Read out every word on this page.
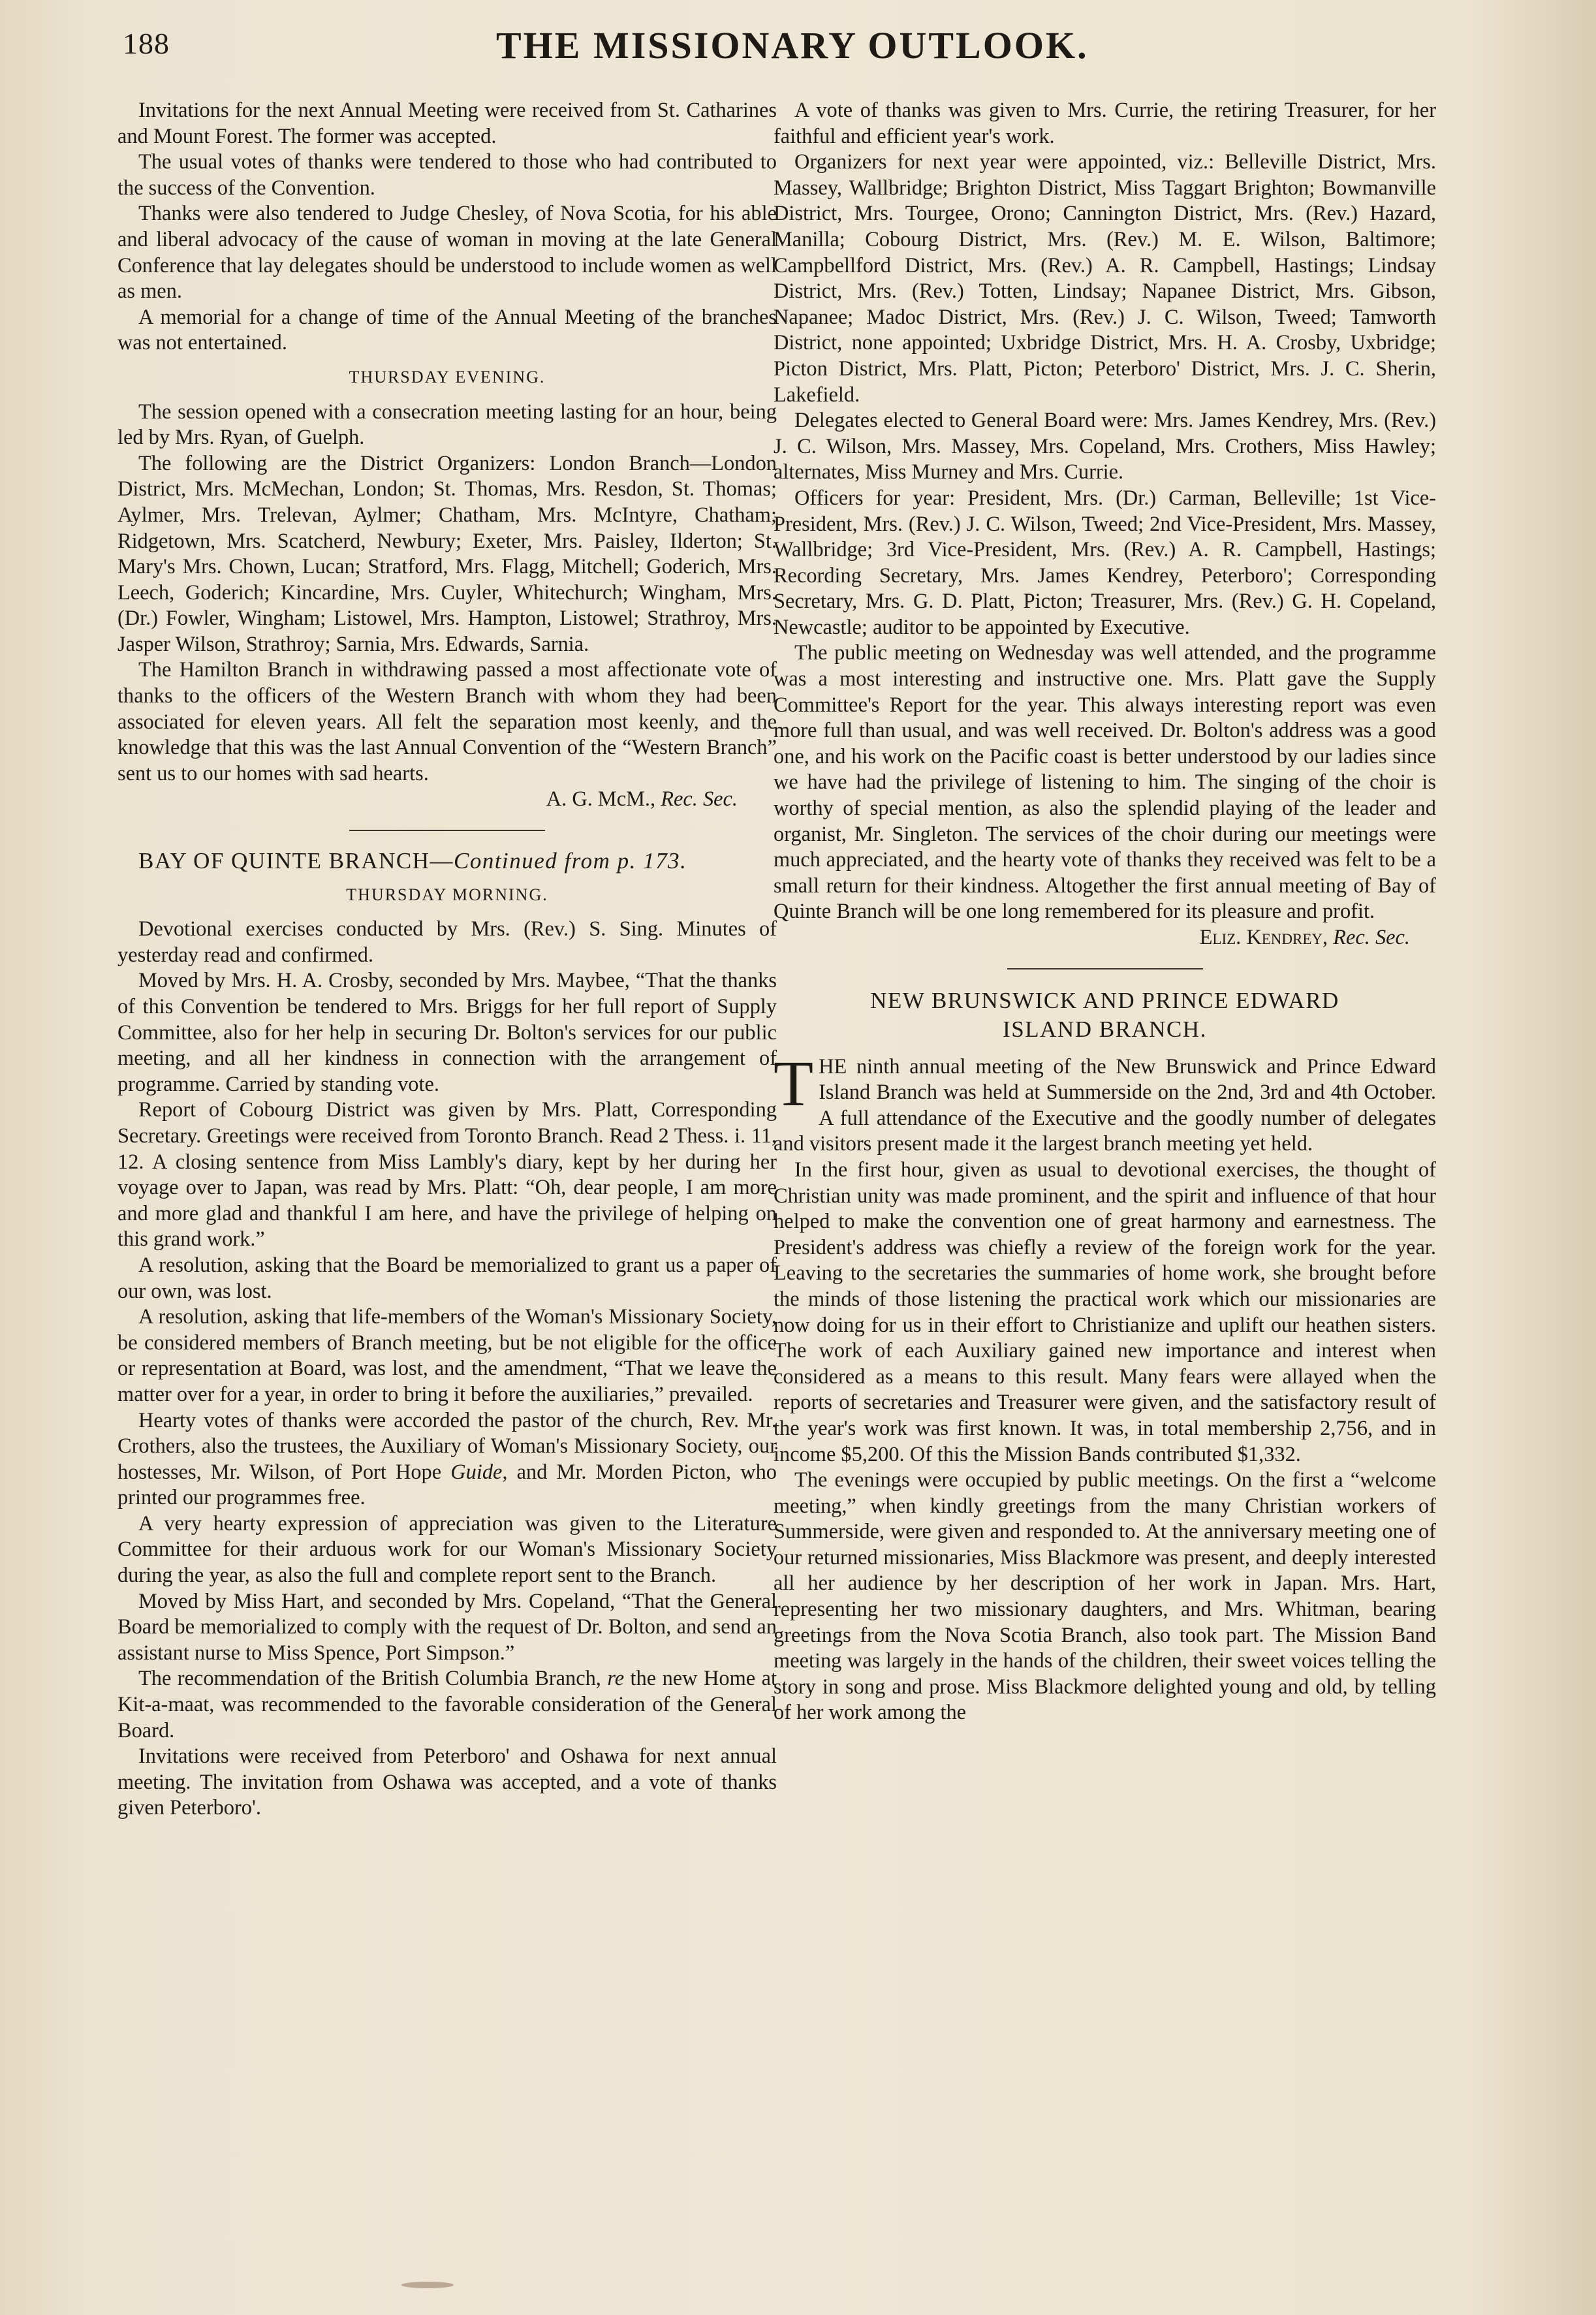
188	THE MISSIONARY OUTLOOK.

Invitations for the next Annual Meeting were received from St. Catharines and Mount Forest. The former was accepted.

The usual votes of thanks were tendered to those who had contributed to the success of the Convention.

Thanks were also tendered to Judge Chesley, of Nova Scotia, for his able and liberal advocacy of the cause of woman in moving at the late General Conference that lay delegates should be understood to include women as well as men.

A memorial for a change of time of the Annual Meeting of the branches was not entertained.

THURSDAY EVENING.

The session opened with a consecration meeting lasting for an hour, being led by Mrs. Ryan, of Guelph.

The following are the District Organizers: London Branch—London District, Mrs. McMechan, London; St. Thomas, Mrs. Resdon, St. Thomas; Aylmer, Mrs. Trelevan, Aylmer; Chatham, Mrs. McIntyre, Chatham; Ridgetown, Mrs. Scatcherd, Newbury; Exeter, Mrs. Paisley, Ilderton; St. Mary's Mrs. Chown, Lucan; Stratford, Mrs. Flagg, Mitchell; Goderich, Mrs. Leech, Goderich; Kincardine, Mrs. Cuyler, Whitechurch; Wingham, Mrs. (Dr.) Fowler, Wingham; Listowel, Mrs. Hampton, Listowel; Strathroy, Mrs. Jasper Wilson, Strathroy; Sarnia, Mrs. Edwards, Sarnia.

The Hamilton Branch in withdrawing passed a most affectionate vote of thanks to the officers of the Western Branch with whom they had been associated for eleven years. All felt the separation most keenly, and the knowledge that this was the last Annual Convention of the “Western Branch” sent us to our homes with sad hearts.

A. G. McM., Rec. Sec.

BAY OF QUINTE BRANCH—Continued from p. 173.

THURSDAY MORNING.

Devotional exercises conducted by Mrs. (Rev.) S. Sing. Minutes of yesterday read and confirmed.

Moved by Mrs. H. A. Crosby, seconded by Mrs. Maybee, “That the thanks of this Convention be tendered to Mrs. Briggs for her full report of Supply Committee, also for her help in securing Dr. Bolton's services for our public meeting, and all her kindness in connection with the arrangement of programme. Carried by standing vote.

Report of Cobourg District was given by Mrs. Platt, Corresponding Secretary. Greetings were received from Toronto Branch. Read 2 Thess. i. 11, 12. A closing sentence from Miss Lambly's diary, kept by her during her voyage over to Japan, was read by Mrs. Platt: “Oh, dear people, I am more and more glad and thankful I am here, and have the privilege of helping on this grand work.”

A resolution, asking that the Board be memorialized to grant us a paper of our own, was lost.

A resolution, asking that life-members of the Woman's Missionary Society, be considered members of Branch meeting, but be not eligible for the office or representation at Board, was lost, and the amendment, “That we leave the matter over for a year, in order to bring it before the auxiliaries,” prevailed.

Hearty votes of thanks were accorded the pastor of the church, Rev. Mr. Crothers, also the trustees, the Auxiliary of Woman's Missionary Society, our hostesses, Mr. Wilson, of Port Hope Guide, and Mr. Morden Picton, who printed our programmes free.

A very hearty expression of appreciation was given to the Literature Committee for their arduous work for our Woman's Missionary Society during the year, as also the full and complete report sent to the Branch.

Moved by Miss Hart, and seconded by Mrs. Copeland, “That the General Board be memorialized to comply with the request of Dr. Bolton, and send an assistant nurse to Miss Spence, Port Simpson.”

The recommendation of the British Columbia Branch, re the new Home at Kit-a-maat, was recommended to the favorable consideration of the General Board.

Invitations were received from Peterboro' and Oshawa for next annual meeting. The invitation from Oshawa was accepted, and a vote of thanks given Peterboro'.

A vote of thanks was given to Mrs. Currie, the retiring Treasurer, for her faithful and efficient year's work.

Organizers for next year were appointed, viz.: Belleville District, Mrs. Massey, Wallbridge; Brighton District, Miss Taggart Brighton; Bowmanville District, Mrs. Tourgee, Orono; Cannington District, Mrs. (Rev.) Hazard, Manilla; Cobourg District, Mrs. (Rev.) M. E. Wilson, Baltimore; Campbellford District, Mrs. (Rev.) A. R. Campbell, Hastings; Lindsay District, Mrs. (Rev.) Totten, Lindsay; Napanee District, Mrs. Gibson, Napanee; Madoc District, Mrs. (Rev.) J. C. Wilson, Tweed; Tamworth District, none appointed; Uxbridge District, Mrs. H. A. Crosby, Uxbridge; Picton District, Mrs. Platt, Picton; Peterboro' District, Mrs. J. C. Sherin, Lakefield.

Delegates elected to General Board were: Mrs. James Kendrey, Mrs. (Rev.) J. C. Wilson, Mrs. Massey, Mrs. Copeland, Mrs. Crothers, Miss Hawley; alternates, Miss Murney and Mrs. Currie.

Officers for year: President, Mrs. (Dr.) Carman, Belleville; 1st Vice-President, Mrs. (Rev.) J. C. Wilson, Tweed; 2nd Vice-President, Mrs. Massey, Wallbridge; 3rd Vice-President, Mrs. (Rev.) A. R. Campbell, Hastings; Recording Secretary, Mrs. James Kendrey, Peterboro'; Corresponding Secretary, Mrs. G. D. Platt, Picton; Treasurer, Mrs. (Rev.) G. H. Copeland, Newcastle; auditor to be appointed by Executive.

The public meeting on Wednesday was well attended, and the programme was a most interesting and instructive one. Mrs. Platt gave the Supply Committee's Report for the year. This always interesting report was even more full than usual, and was well received. Dr. Bolton's address was a good one, and his work on the Pacific coast is better understood by our ladies since we have had the privilege of listening to him. The singing of the choir is worthy of special mention, as also the splendid playing of the leader and organist, Mr. Singleton. The services of the choir during our meetings were much appreciated, and the hearty vote of thanks they received was felt to be a small return for their kindness. Altogether the first annual meeting of Bay of Quinte Branch will be one long remembered for its pleasure and profit.

Eliz. Kendrey, Rec. Sec.

NEW BRUNSWICK AND PRINCE EDWARD
ISLAND BRANCH.

THE ninth annual meeting of the New Brunswick and Prince Edward Island Branch was held at Summerside on the 2nd, 3rd and 4th October. A full attendance of the Executive and the goodly number of delegates and visitors present made it the largest branch meeting yet held.

In the first hour, given as usual to devotional exercises, the thought of Christian unity was made prominent, and the spirit and influence of that hour helped to make the convention one of great harmony and earnestness. The President's address was chiefly a review of the foreign work for the year. Leaving to the secretaries the summaries of home work, she brought before the minds of those listening the practical work which our missionaries are now doing for us in their effort to Christianize and uplift our heathen sisters. The work of each Auxiliary gained new importance and interest when considered as a means to this result. Many fears were allayed when the reports of secretaries and Treasurer were given, and the satisfactory result of the year's work was first known. It was, in total membership 2,756, and in income $5,200. Of this the Mission Bands contributed $1,332.

The evenings were occupied by public meetings. On the first a “welcome meeting,” when kindly greetings from the many Christian workers of Summerside, were given and responded to. At the anniversary meeting one of our returned missionaries, Miss Blackmore was present, and deeply interested all her audience by her description of her work in Japan. Mrs. Hart, representing her two missionary daughters, and Mrs. Whitman, bearing greetings from the Nova Scotia Branch, also took part. The Mission Band meeting was largely in the hands of the children, their sweet voices telling the story in song and prose. Miss Blackmore delighted young and old, by telling of her work among the
